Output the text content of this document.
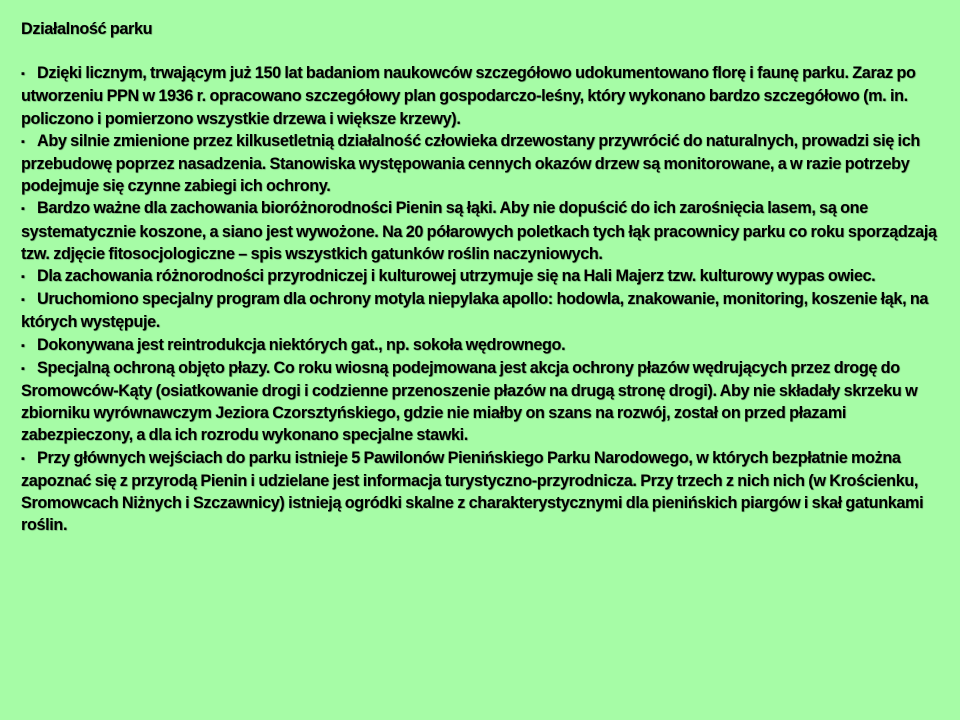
Działalność parku
▪ Dzięki licznym, trwającym już 150 lat badaniom naukowców szczegółowo udokumentowano florę i faunę parku. Zaraz po utworzeniu PPN w 1936 r. opracowano szczegółowy plan gospodarczo-leśny, który wykonano bardzo szczegółowo (m. in. policzono i pomierzono wszystkie drzewa i większe krzewy).
▪ Aby silnie zmienione przez kilkusetletnią działalność człowieka drzewostany przywrócić do naturalnych, prowadzi się ich przebudowę poprzez nasadzenia. Stanowiska występowania cennych okazów drzew są monitorowane, a w razie potrzeby podejmuje się czynne zabiegi ich ochrony.
▪ Bardzo ważne dla zachowania bioróżnorodności Pienin są łąki. Aby nie dopuścić do ich zarośnięcia lasem, są one systematycznie koszone, a siano jest wywożone. Na 20 półarowych poletkach tych łąk pracownicy parku co roku sporządzają tzw. zdjęcie fitosocjologiczne – spis wszystkich gatunków roślin naczyniowych.
▪ Dla zachowania różnorodności przyrodniczej i kulturowej utrzymuje się na Hali Majerz tzw. kulturowy wypas owiec.
▪ Uruchomiono specjalny program dla ochrony motyla niepylaka apollo: hodowla, znakowanie, monitoring, koszenie łąk, na których występuje.
▪ Dokonywana jest reintrodukcja niektórych gat., np. sokoła wędrownego.
▪ Specjalną ochroną objęto płazy. Co roku wiosną podejmowana jest akcja ochrony płazów wędrujących przez drogę do Sromowców-Kąty (osiatkowanie drogi i codzienne przenoszenie płazów na drugą stronę drogi). Aby nie składały skrzeku w zbiorniku wyrównawczym Jeziora Czorsztyńskiego, gdzie nie miałby on szans na rozwój, został on przed płazami zabezpieczony, a dla ich rozrodu wykonano specjalne stawki.
▪ Przy głównych wejściach do parku istnieje 5 Pawilonów Pienińskiego Parku Narodowego, w których bezpłatnie można zapoznać się z przyrodą Pienin i udzielane jest informacja turystyczno-przyrodnicza. Przy trzech z nich nich (w Krościenku, Sromowcach Niżnych i Szczawnicy) istnieją ogródki skalne z charakterystycznymi dla pienińskich piargów i skał gatunkami roślin.
